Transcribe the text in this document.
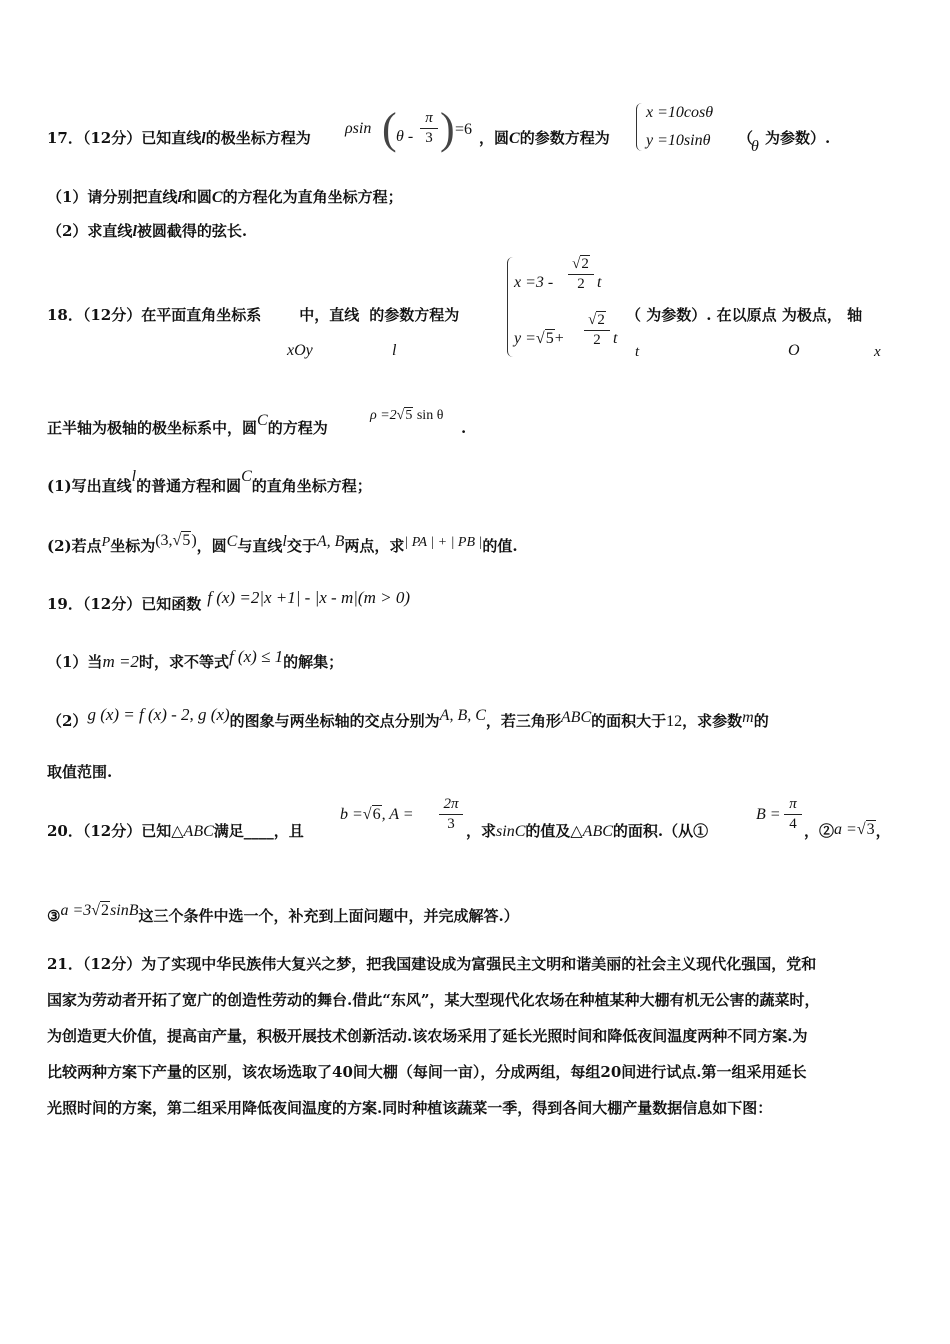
17．（12分）已知直线l的极坐标方程为
ρsin ( θ -
π
3 ) =6 ，圆C的参数方程为
x =10cosθ
y =10sinθ （
θ 为参数）.
（1）请分别把直线l和圆C的方程化为直角坐标方程；
（2）求直线l被圆截得的弦长.
18．（12分）在平面直角坐标系	中，直线 的参数方程为
xOy	l
x =3 -
√2
2 t
y =√5+
√2
2 t
（ 为参数）. 在以原点 为极点， 轴
t	O	x
正半轴为极轴的极坐标系中，圆C的方程为
ρ =2√5 sin θ
.
(1)写出直线l的普通方程和圆C的直角坐标方程；
(2)若点P坐标为(3,√5)，圆C与直线l交于A, B两点，求| PA | + | PB |的值.
19．（12分）已知函数 f (x) =2|x +1| - |x - m|(m > 0)
（1）当m =2时，求不等式f (x) ≤ 1的解集；
（2）g (x) = f (x) - 2, g (x)的图象与两坐标轴的交点分别为A, B, C，若三角形ABC的面积大于12，求参数m的
取值范围.
20．（12分）已知△ABC满足____，且
b =√6, A =
2π
3 ，求sinC的值及△ABC的面积.（从①
B =
π
4 ，②a =√3，
③a =3√2sinB这三个条件中选一个，补充到上面问题中，并完成解答.）
21．（12分）为了实现中华民族伟大复兴之梦，把我国建设成为富强民主文明和谐美丽的社会主义现代化强国，党和
国家为劳动者开拓了宽广的创造性劳动的舞台.借此“东风”，某大型现代化农场在种植某种大棚有机无公害的蔬菜时，
为创造更大价值，提高亩产量，积极开展技术创新活动.该农场采用了延长光照时间和降低夜间温度两种不同方案.为
比较两种方案下产量的区别，该农场选取了40间大棚（每间一亩），分成两组，每组20间进行试点.第一组采用延长
光照时间的方案，第二组采用降低夜间温度的方案.同时种植该蔬菜一季，得到各间大棚产量数据信息如下图：
